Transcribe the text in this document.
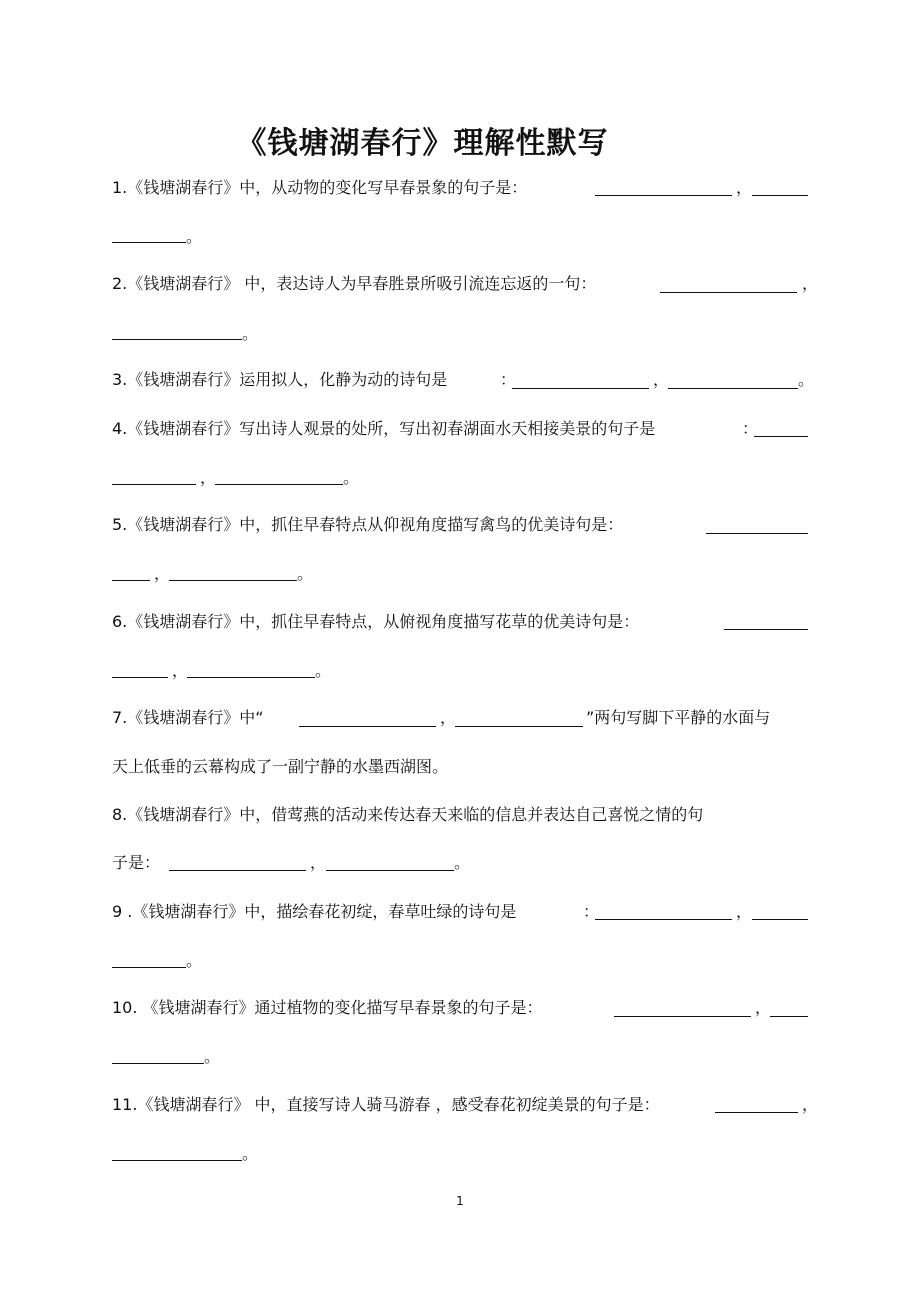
《钱塘湖春行》理解性默写
1.《钱塘湖春行》中，从动物的变化写早春景象的句子是：	，
。
2.《钱塘湖春行》 中，表达诗人为早春胜景所吸引流连忘返的一句：	，
。
3.《钱塘湖春行》运用拟人，化静为动的诗句是	：	，	。
4.《钱塘湖春行》写出诗人观景的处所，写出初春湖面水天相接美景的句子是	：
，	。
5.《钱塘湖春行》中，抓住早春特点从仰视角度描写禽鸟的优美诗句是：
，	。
6.《钱塘湖春行》中，抓住早春特点，从俯视角度描写花草的优美诗句是：
，	。
7.《钱塘湖春行》中“	，	”两句写脚下平静的水面与
天上低垂的云幕构成了一副宁静的水墨西湖图。
8.《钱塘湖春行》中，借莺燕的活动来传达春天来临的信息并表达自己喜悦之情的句
子是：	，	。
9 .《钱塘湖春行》中，描绘春花初绽，春草吐绿的诗句是	：	，
。
10. 《钱塘湖春行》通过植物的变化描写早春景象的句子是：	，
。
11.《钱塘湖春行》 中，直接写诗人骑马游春 ，感受春花初绽美景的句子是：	，
。
1
